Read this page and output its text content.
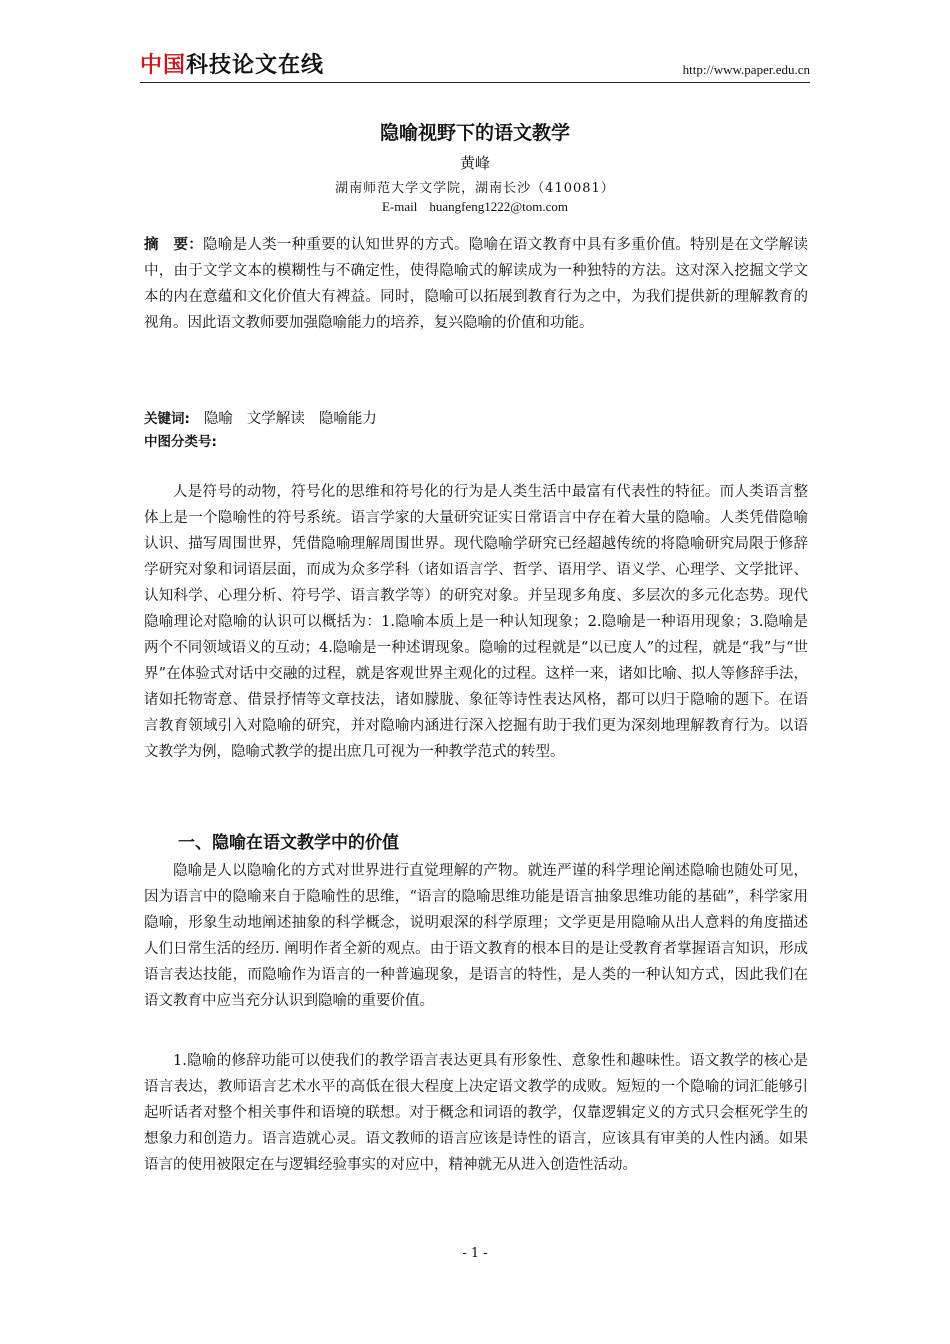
中国科技论文在线	http://www.paper.edu.cn
隐喻视野下的语文教学
黄峰
湖南师范大学文学院，湖南长沙（410081）
E-mail huangfeng1222@tom.com
摘　要：隐喻是人类一种重要的认知世界的方式。隐喻在语文教育中具有多重价值。特别是在文学解读中，由于文学文本的模糊性与不确定性，使得隐喻式的解读成为一种独特的方法。这对深入挖掘文学文本的内在意蕴和文化价值大有裨益。同时，隐喻可以拓展到教育行为之中，为我们提供新的理解教育的视角。因此语文教师要加强隐喻能力的培养，复兴隐喻的价值和功能。
关键词: 隐喻 文学解读 隐喻能力
中图分类号:

人是符号的动物，符号化的思维和符号化的行为是人类生活中最富有代表性的特征。而人类语言整体上是一个隐喻性的符号系统。语言学家的大量研究证实日常语言中存在着大量的隐喻。人类凭借隐喻认识、描写周围世界，凭借隐喻理解周围世界。现代隐喻学研究已经超越传统的将隐喻研究局限于修辞学研究对象和词语层面，而成为众多学科（诸如语言学、哲学、语用学、语义学、心理学、文学批评、认知科学、心理分析、符号学、语言教学等）的研究对象。并呈现多角度、多层次的多元化态势。现代隐喻理论对隐喻的认识可以概括为：1.隐喻本质上是一种认知现象；2.隐喻是一种语用现象；3.隐喻是两个不同领域语义的互动；4.隐喻是一种述谓现象。隐喻的过程就是“以已度人”的过程，就是“我”与“世界”在体验式对话中交融的过程，就是客观世界主观化的过程。这样一来，诸如比喻、拟人等修辞手法，诸如托物寄意、借景抒情等文章技法，诸如朦胧、象征等诗性表达风格，都可以归于隐喻的题下。在语言教育领域引入对隐喻的研究，并对隐喻内涵进行深入挖掘有助于我们更为深刻地理解教育行为。以语文教学为例，隐喻式教学的提出庶几可视为一种教学范式的转型。

一、隐喻在语文教学中的价值

隐喻是人以隐喻化的方式对世界进行直觉理解的产物。就连严谨的科学理论阐述隐喻也随处可见，因为语言中的隐喻来自于隐喻性的思维，“语言的隐喻思维功能是语言抽象思维功能的基础”，科学家用隐喻，形象生动地阐述抽象的科学概念，说明艰深的科学原理；文学更是用隐喻从出人意料的角度描述人们日常生活的经历. 阐明作者全新的观点。由于语文教育的根本目的是让受教育者掌握语言知识，形成语言表达技能，而隐喻作为语言的一种普遍现象，是语言的特性，是人类的一种认知方式，因此我们在语文教育中应当充分认识到隐喻的重要价值。

1.隐喻的修辞功能可以使我们的教学语言表达更具有形象性、意象性和趣味性。语文教学的核心是语言表达，教师语言艺术水平的高低在很大程度上决定语文教学的成败。短短的一个隐喻的词汇能够引起听话者对整个相关事件和语境的联想。对于概念和词语的教学，仅靠逻辑定义的方式只会框死学生的想象力和创造力。语言造就心灵。语文教师的语言应该是诗性的语言，应该具有审美的人性内涵。如果语言的使用被限定在与逻辑经验事实的对应中，精神就无从进入创造性活动。

- 1 -
